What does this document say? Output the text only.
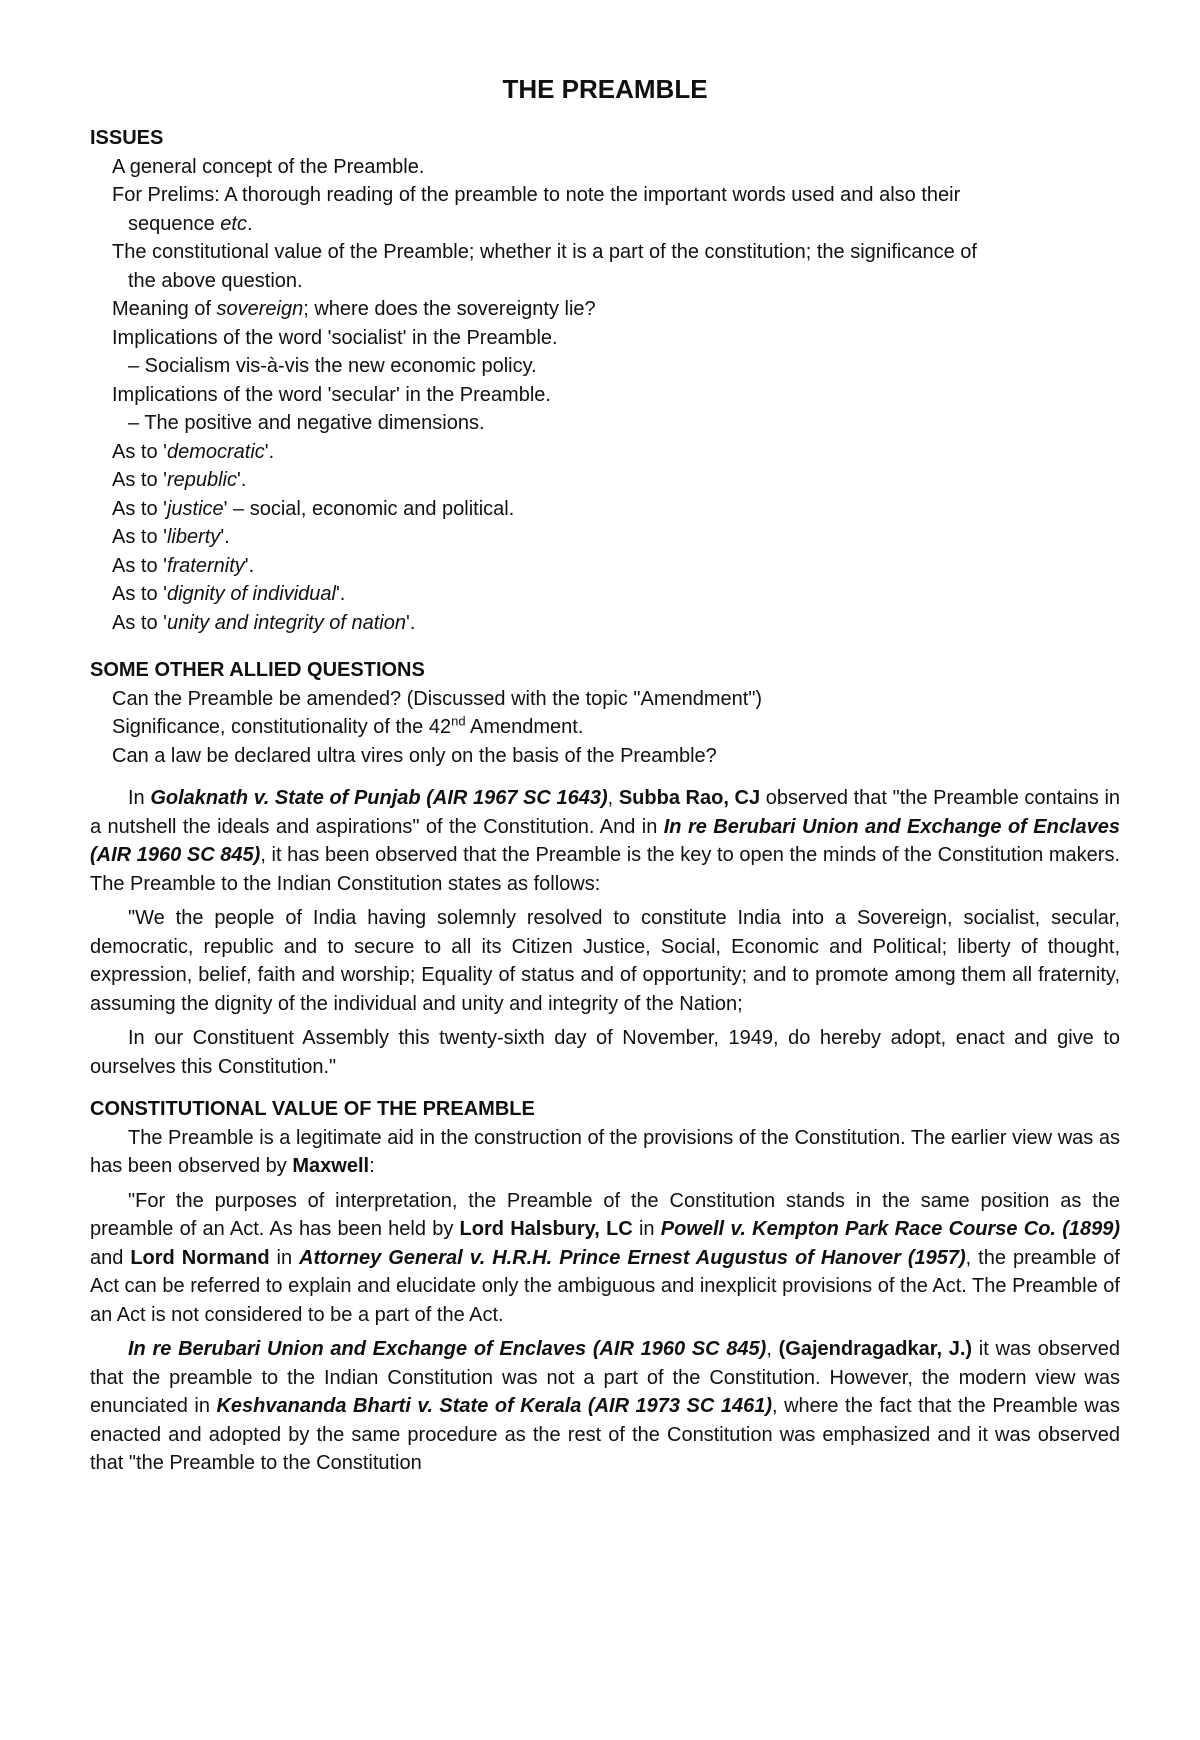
THE PREAMBLE
ISSUES
A general concept of the Preamble.
For Prelims: A thorough reading of the preamble to note the important words used and also their
sequence etc.
The constitutional value of the Preamble; whether it is a part of the constitution; the significance of
the above question.
Meaning of sovereign; where does the sovereignty lie?
Implications of the word 'socialist' in the Preamble.
– Socialism vis-à-vis the new economic policy.
Implications of the word 'secular' in the Preamble.
– The positive and negative dimensions.
As to 'democratic'.
As to 'republic'.
As to 'justice' – social, economic and political.
As to 'liberty'.
As to 'fraternity'.
As to 'dignity of individual'.
As to 'unity and integrity of nation'.
SOME OTHER ALLIED QUESTIONS
Can the Preamble be amended? (Discussed with the topic "Amendment")
Significance, constitutionality of the 42nd Amendment.
Can a law be declared ultra vires only on the basis of the Preamble?

In Golaknath v. State of Punjab (AIR 1967 SC 1643), Subba Rao, CJ observed that "the Preamble contains in a nutshell the ideals and aspirations" of the Constitution. And in In re Berubari Union and Exchange of Enclaves (AIR 1960 SC 845), it has been observed that the Preamble is the key to open the minds of the Constitution makers. The Preamble to the Indian Constitution states as follows:

"We the people of India having solemnly resolved to constitute India into a Sovereign, socialist, secular, democratic, republic and to secure to all its Citizen Justice, Social, Economic and Political; liberty of thought, expression, belief, faith and worship; Equality of status and of opportunity; and to promote among them all fraternity, assuming the dignity of the individual and unity and integrity of the Nation;

In our Constituent Assembly this twenty-sixth day of November, 1949, do hereby adopt, enact and give to ourselves this Constitution."

CONSTITUTIONAL VALUE OF THE PREAMBLE

The Preamble is a legitimate aid in the construction of the provisions of the Constitution. The earlier view was as has been observed by Maxwell:

"For the purposes of interpretation, the Preamble of the Constitution stands in the same position as the preamble of an Act. As has been held by Lord Halsbury, LC in Powell v. Kempton Park Race Course Co. (1899) and Lord Normand in Attorney General v. H.R.H. Prince Ernest Augustus of Hanover (1957), the preamble of Act can be referred to explain and elucidate only the ambiguous and inexplicit provisions of the Act. The Preamble of an Act is not considered to be a part of the Act.

In re Berubari Union and Exchange of Enclaves (AIR 1960 SC 845), (Gajendragadkar, J.) it was observed that the preamble to the Indian Constitution was not a part of the Constitution. However, the modern view was enunciated in Keshvananda Bharti v. State of Kerala (AIR 1973 SC 1461), where the fact that the Preamble was enacted and adopted by the same procedure as the rest of the Constitution was emphasized and it was observed that "the Preamble to the Constitution
